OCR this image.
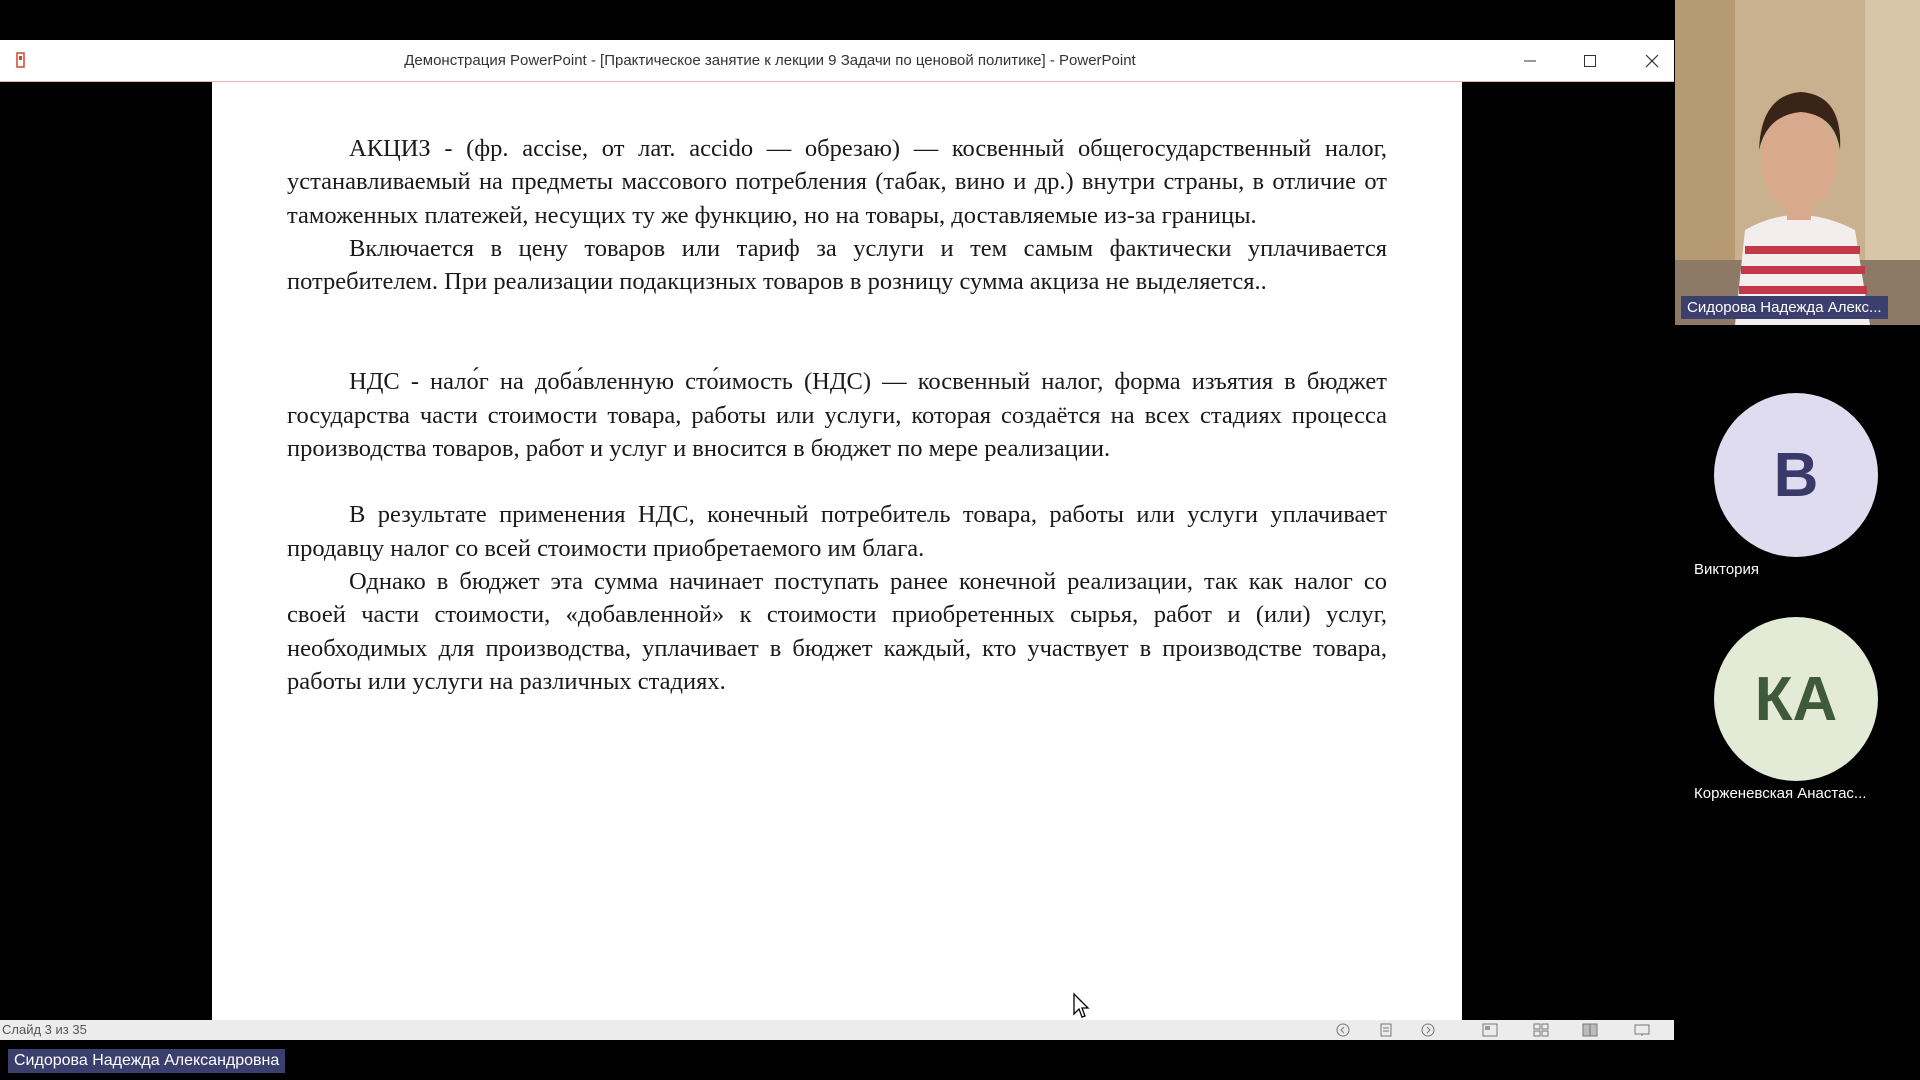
Демонстрация PowerPoint - [Практическое занятие к лекции 9 Задачи по ценовой политике] - PowerPoint

АКЦИЗ - (фр. accise, от лат. accido — обрезаю) — косвенный общегосударственный налог, устанавливаемый на предметы массового потребления (табак, вино и др.) внутри страны, в отличие от таможенных платежей, несущих ту же функцию, но на товары, доставляемые из-за границы.

Включается в цену товаров или тариф за услуги и тем самым фактически уплачивается потребителем. При реализации подакцизных товаров в розницу сумма акциза не выделяется..

НДС - нало́г на доба́вленную сто́имость (НДС) — косвенный налог, форма изъятия в бюджет государства части стоимости товара, работы или услуги, которая создаётся на всех стадиях процесса производства товаров, работ и услуг и вносится в бюджет по мере реализации.

В результате применения НДС, конечный потребитель товара, работы или услуги уплачивает продавцу налог со всей стоимости приобретаемого им блага.

Однако в бюджет эта сумма начинает поступать ранее конечной реализации, так как налог со своей части стоимости, «добавленной» к стоимости приобретенных сырья, работ и (или) услуг, необходимых для производства, уплачивает в бюджет каждый, кто участвует в производстве товара, работы или услуги на различных стадиях.

Слайд 3 из 35
Сидорова Надежда Алекс...
В
Виктория
КА
Корженевская Анастас...
Сидорова Надежда Александровна
